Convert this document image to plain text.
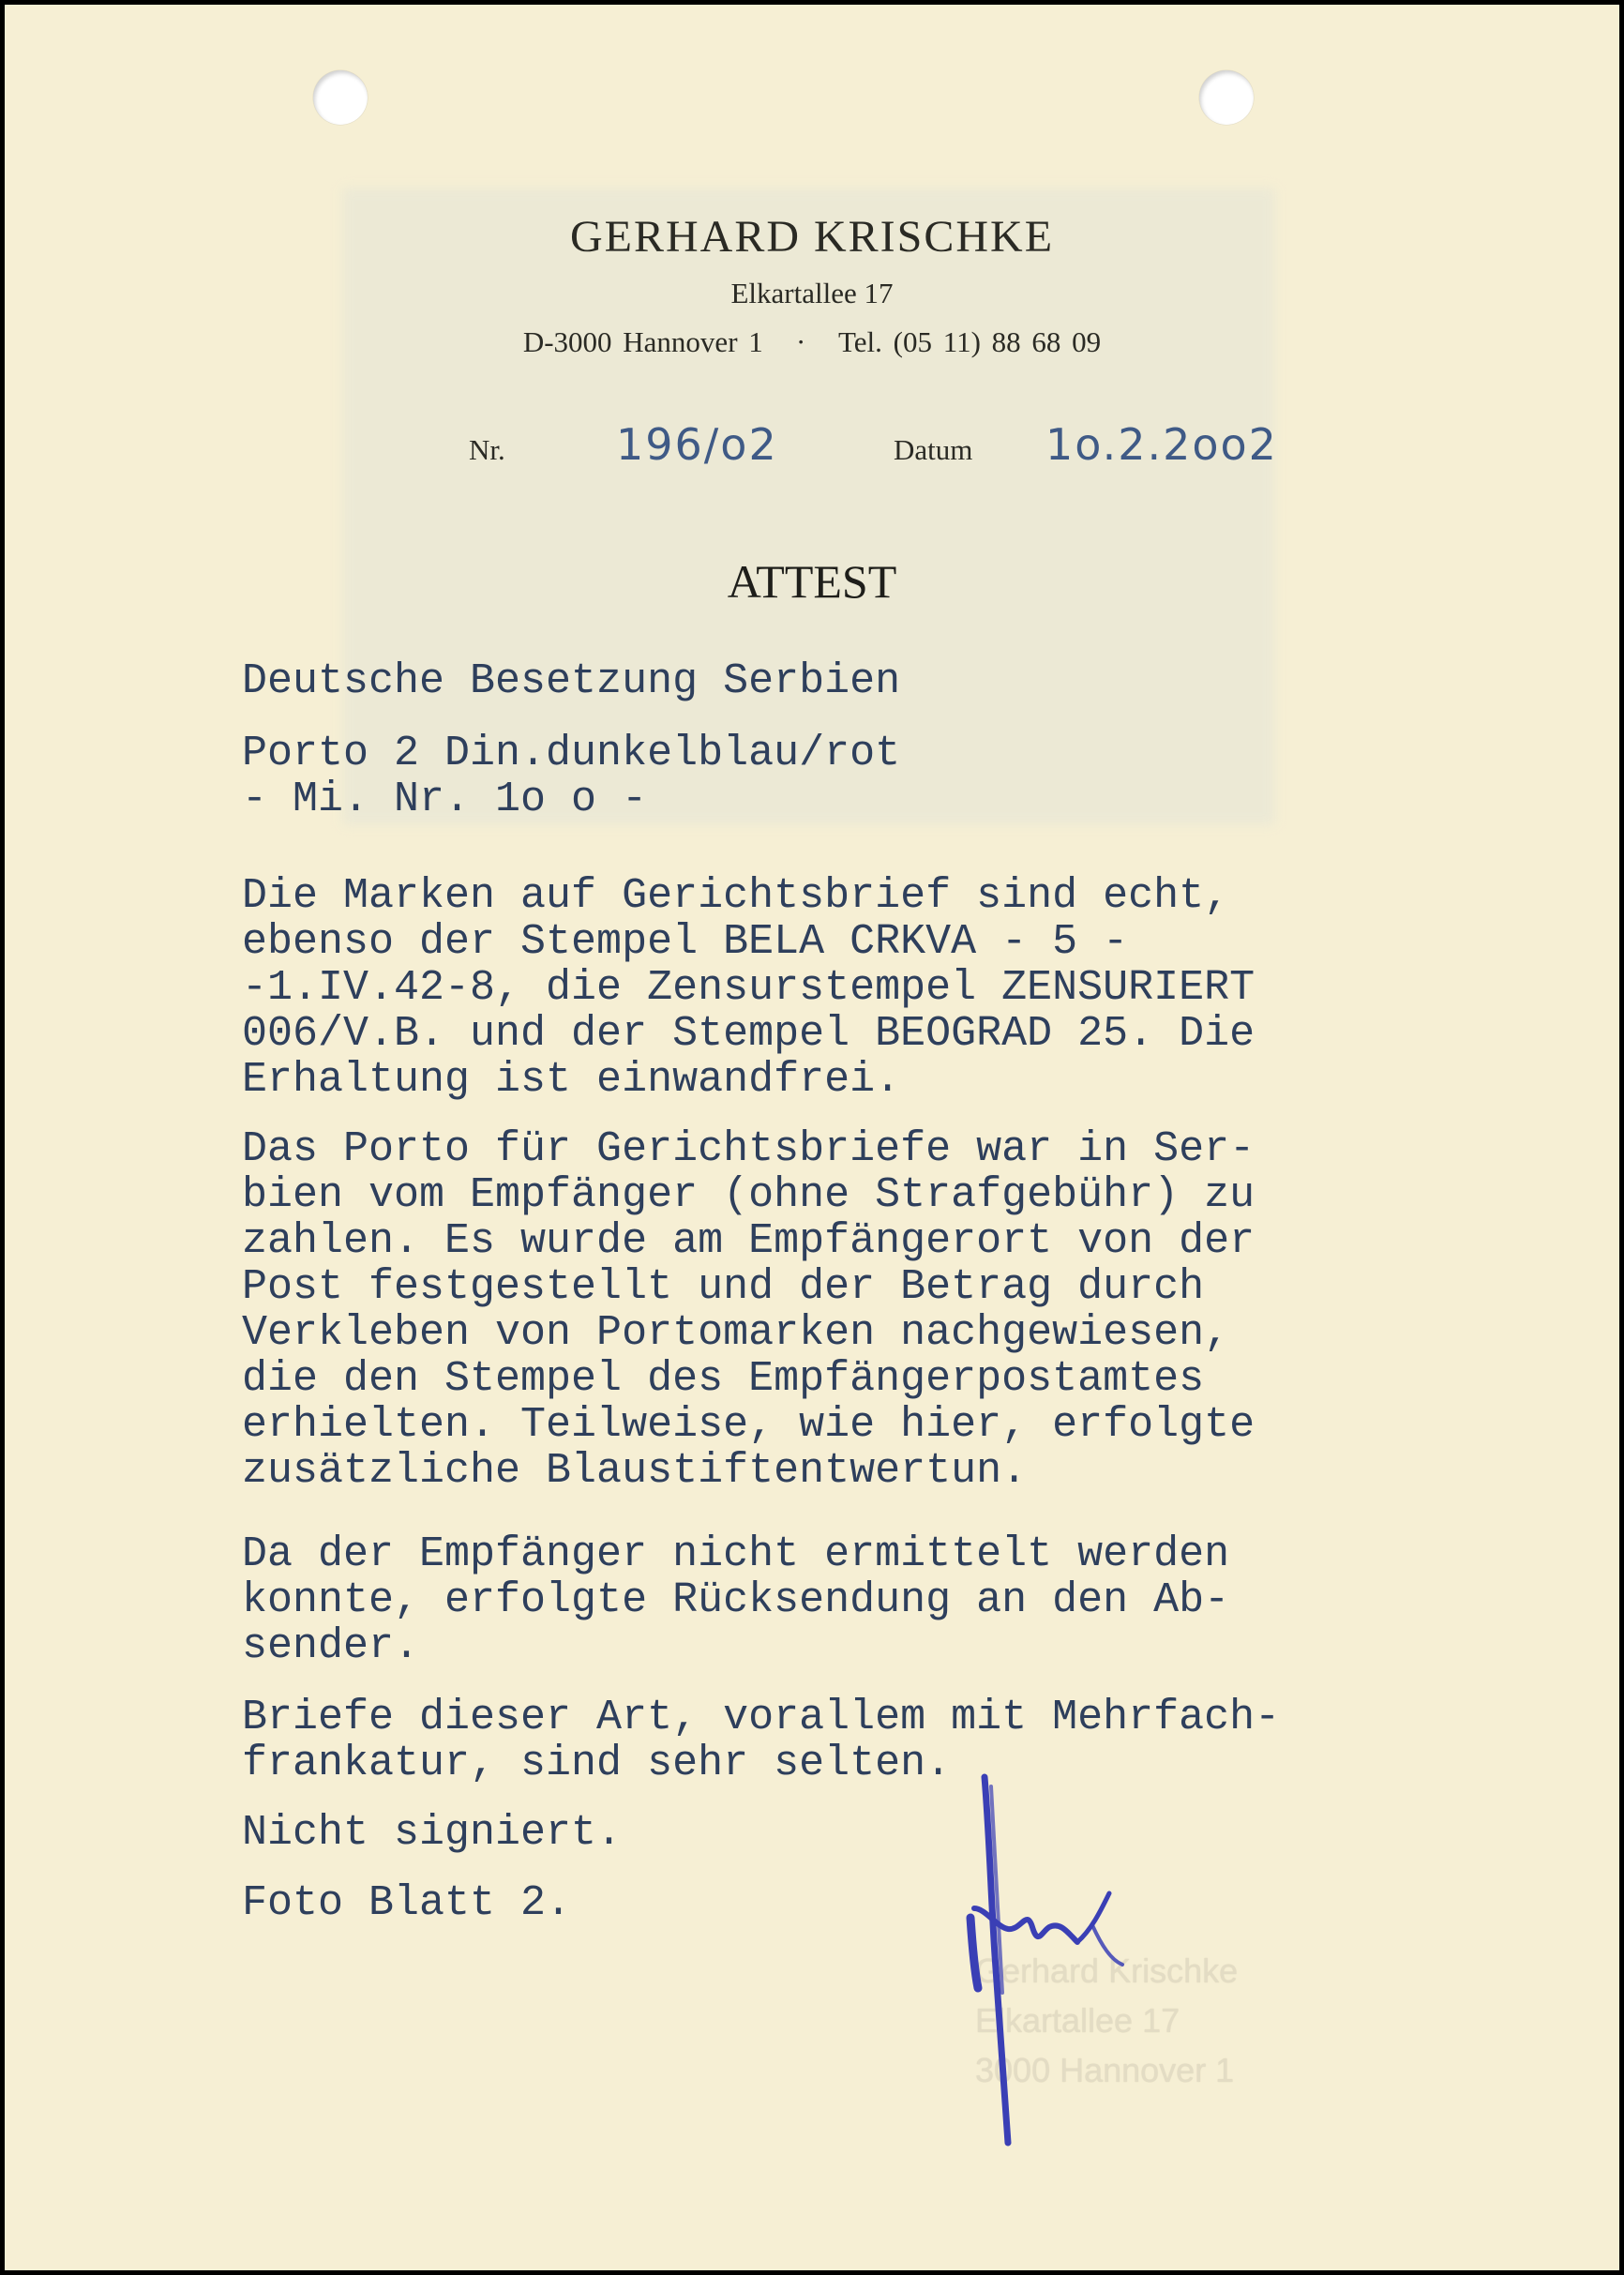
GERHARD KRISCHKE
Elkartallee 17
D-3000 Hannover 1   ·   Tel. (05 11) 88 68 09
Nr.	196/o2	Datum 1o.2.2oo2
ATTEST
Deutsche Besetzung Serbien
Porto 2 Din.dunkelblau/rot
- Mi. Nr. 1o o -
Die Marken auf Gerichtsbrief sind echt,
ebenso der Stempel BELA CRKVA - 5 -
-1.IV.42-8, die Zensurstempel ZENSURIERT
006/V.B. und der Stempel BEOGRAD 25. Die
Erhaltung ist einwandfrei.
Das Porto für Gerichtsbriefe war in Ser-
bien vom Empfänger (ohne Strafgebühr) zu
zahlen. Es wurde am Empfängerort von der
Post festgestellt und der Betrag durch
Verkleben von Portomarken nachgewiesen,
die den Stempel des Empfängerpostamtes
erhielten. Teilweise, wie hier, erfolgte
zusätzliche Blaustiftentwertun.
Da der Empfänger nicht ermittelt werden
konnte, erfolgte Rücksendung an den Ab-
sender.
Briefe dieser Art, vorallem mit Mehrfach-
frankatur, sind sehr selten.
Nicht signiert.
Foto Blatt 2.
Gerhard Krischke
Elkartallee 17
3000 Hannover 1
